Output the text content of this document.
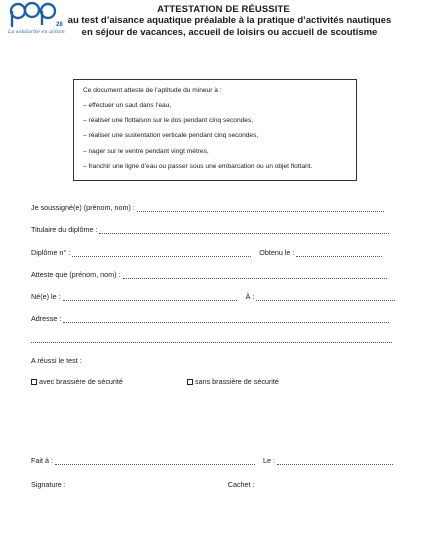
28
La solidarité en action
ATTESTATION DE RÉUSSITE
au test d’aisance aquatique préalable à la pratique d’activités nautiques
en séjour de vacances, accueil de loisirs ou accueil de scoutisme
Ce document atteste de l’aptitude du mineur à :
– effectuer un saut dans l’eau,
– réaliser une flottaison sur le dos pendant cinq secondes,
– réaliser une sustentation verticale pendant cinq secondes,
– nager sur le ventre pendant vingt mètres,
– franchir une ligne d’eau ou passer sous une embarcation ou un objet flottant.
Je soussigné(e) (prénom, nom) :
Titulaire du diplôme :
Diplôme n° :	Obtenu le :
Atteste que (prénom, nom) :
Né(e) le :	À :
Adresse :
A réussi le test :
avec brassière de sécurité	sans brassière de sécurité
Fait à :	Le :
Signature :	Cachet :
